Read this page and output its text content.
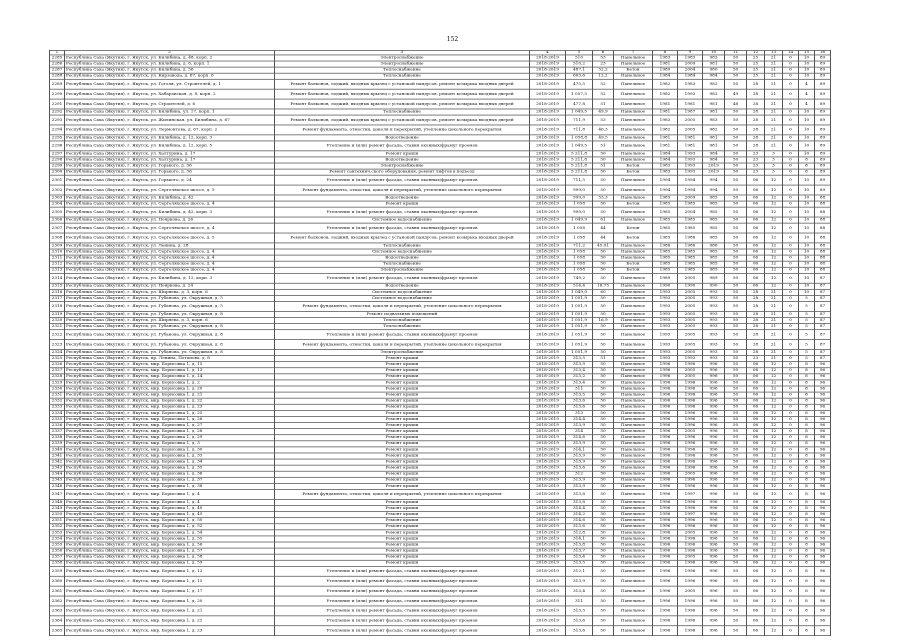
152
1	2	3	4	5	6	7	8	9	10	11	12	13	14	15	16
2285	Республика Саха (Якутия), г. Якутск, ул. Билибина, д. 48, корп. 2	Электроснабжение	2018-2019	510	53	Панельное	1983	1983	983	50	25	21	0	10	89
2286	Республика Саха (Якутия), г. Якутск, ул. Билибина, д. 6, корп. 1	Электроснабжение	2018-2019	510,2	23	Панельное	1981	2009	981	50	25	21	0	10	89
2287	Республика Саха (Якутия), г. Якутск, ул. Билибина, д. 56	Теплоснабжение	2018-2019	487,1	52,2	Бетон	1980	2004	980	50	25	21	0	10	89
2288	Республика Саха (Якутия), г. Якутск, ул. Кирзавода, д. 67, корп. 6	Теплоснабжение	2018-2019	603,6	12,2	Панельное	1984	1984	984	50	25	21	0	10	89
2289	Республика Саха (Якутия), г. Якутск, ул. Гоголя, ул. Строителей, д. 1	Ремонт балконов, лоджий, входных крылец с устанокой пандусов, ремонт козырька входных дверей	2018-2019	475,5	52	Панельное	1982	1983	982	50	28	21	0	4	89
2290	Республика Саха (Якутия), г. Якутск, ул. Хабаровская, д. 8, корп. 2	Ремонт балконов, лоджий, входных крылец с устанокой пандусов, ремонт козырька входных дверей	2018-2019	1 057,5	52	Панельное	1982	1993	982	49	28	21	0	4	89
2291	Республика Саха (Якутия), г. Якутск, ул. Строителей, д. 6	Ремонт балконов, лоджий, входных крылец с устанокой пандусов, ремонт козырька входных дверей	2018-2019	477,8	51	Панельное	1981	1981	981	48	28	21	0	4	89
2292	Республика Саха (Якутия), г. Якутск, ул. Билибина, ул. 17, корп. 1	Теплоснабжение	2018-2019	1 049,5	49,9	Панельное	1981	1987	981	50	28	21	0	10	89
2293	Республика Саха (Якутия), г. Якутск, ул. Жилинская, ул. Билибина, д. 67	Ремонт балконов, лоджий, входных крылец с устанокой пандусов, ремонт козырька входных дверей	2018-2019	711,9	53	Панельное	1983	2005	983	50	28	21	0	10	89
2294	Республика Саха (Якутия), г. Якутск, ул. Лермонтова, д. 67, корп. 2	Ремонт фундамента, отмостки, цоколя и перекрытий, утепление цокольного перекрытия	2018-2019	711,8	46,3	Панельное	1982	2005	982	50	28	21	0	10	89
2295	Республика Саха (Якутия), г. Якутск, ул. Билибина, д. 12, корп. 3	Водоотведение	2018-2019	1 058,8	49,5	Панельное	1981	1981	981	50	28	21	0	10	89
2296	Республика Саха (Якутия), г. Якутск, ул. Билибина, д. 12, корп. 5	Утепление и (или) ремонт фасада, ставни оконных/фрамуг проемов	2018-2019	1 049,5	51	Панельное	1981	1981	981	50	28	21	0	10	89
2297	Республика Саха (Якутия), г. Якутск, ул. Халтурина, д. 17	Ремонт крыши	2018-2019	5 211,8	50	Панельное	1984	1993	984	50	23	3	0	10	89
2298	Республика Саха (Якутия), г. Якутск, ул. Халтурина, д. 17	Водоотведение	2018-2019	5 211,8	50	Панельное	1984	1993	984	50	23	3	0	8	89
2299	Республика Саха (Якутия), г. Якутск, ул. Горького, д. 36	Электроснабжение	2018-2019	5 211,8	51	Бетон	1983	1993	2019	50	23	3	0	8	89
2300	Республика Саха (Якутия), г. Якутск, ул. Горького, д. 36	Ремонт сантехнич.ского оборудования, ремонт лифтов в подъезд	2018-2019	5 211,8	50	Бетон	1983	1993	2019	50	23	3	0	8	89
2301	Республика Саха (Якутия), г. Якутск, ул. Горького, д. 24	Утепление и (или) ремонт фасада, ставни оконных/фрамуг проемов	2018-2019	711,5	50	Панельное	1994	1994	994	50	06	12	0	10	89
2302	Республика Саха (Якутия), г. Якутск, ул. Сергеляхское шоссе, д. 5	Ремонт фундамента, отмостки, цоколя и перекрытий, утепление цокольного перекрытия	2018-2019	999,0	50	Панельное	1994	1994	994	50	06	12	0	10	89
2303	Республика Саха (Якутия), г. Якутск, ул. Билибина, д. 42	Водоотведение	2018-2019	999,0	53,3	Панельное	1985	2009	985	50	06	12	0	10	88
2304	Республика Саха (Якутия), г. Якутск, ул. Сергеляхское шоссе, д. 4	Ремонт крыши	2018-2019	1 058	50	Бетон	1985	1985	985	50	06	12	0	10	88
2305	Республика Саха (Якутия), г. Якутск, ул. Билибина, д. 42, корп. 3	Утепление и (или) ремонт фасада, ставни оконных/фрамуг проемов	2018-2019	999,0	50	Панельное	1985	2004	985	50	06	12	0	10	88
2306	Республика Саха (Якутия), г. Якутск, ул. Пояркова, д. 26	Системное водоснабжение	2018-2019	1 049,9	61	Панельное	1985	1985	985	50	06	12	0	10	88
2307	Республика Саха (Якутия), г. Якутск, ул. Сергеляхское шоссе, д. 4	Утепление и (или) ремонт фасада, ставни оконных/фрамуг проемов	2018-2019	1 058	44	Бетон	1985	1985	985	50	06	12	0	10	88
2308	Республика Саха (Якутия), г. Якутск, ул. Сергеляхское шоссе, д. 5	Ремонт балконов, лоджий, входных крылец с устанокой пандусов, ремонт козырька входных дверей	2018-2019	1 058	44	Бетон	1985	1986	985	50	06	12	0	10	88
2309	Республика Саха (Якутия), г. Якутск, ул. Ленина, д. 28	Теплоснабжение	2018-2019	711,2	45,01	Панельное	1986	1986	986	50	06	12	0	10	88
2310	Республика Саха (Якутия), г. Якутск, ул. Сергеляхское шоссе, д. 4	Системное водоснабжение	2018-2019	1 058	50	Панельное	1985	1985	985	50	06	12	0	10	88
2311	Республика Саха (Якутия), г. Якутск, ул. Сергеляхское шоссе, д. 4	Водоотведение	2018-2019	1 058	50	Панельное	1985	1985	985	50	06	12	0	10	88
2312	Республика Саха (Якутия), г. Якутск, ул. Сергеляхское шоссе, д. 4	Теплоснабжение	2018-2019	1 058	50	Бетон	1985	1985	985	50	06	12	0	10	88
2313	Республика Саха (Якутия), г. Якутск, ул. Сергеляхское шоссе, д. 4	Электроснабжение	2018-2019	1 058	50	Бетон	1985	1985	985	50	06	12	0	10	88
2314	Республика Саха (Якутия), г. Якутск, ул. Билибина, д. 12, корп. 3	Утепление и (или) ремонт фасада, ставни оконных/фрамуг проемов	2018-2019	749,2	50	Панельное	1989	2005	989	50	06	12	0	10	87
2315	Республика Саха (Якутия), г. Якутск, ул. Пояркова, д. 24	Водоотведение	2018-2019	514,4	16,75	Панельное	1990	1990	990	50	06	12	0	10	87
2316	Республика Саха (Якутия), г. Якутск, ул. Ширяева, д. 3, корп. 6	Системное водоснабжение	2018-2019	1 049,0	60	Панельное	1993	2005	993	50	28	21	0	10	87
2317	Республика Саха (Якутия), г. Якутск, ул. Губанова, ул. Окружная, д. 5	Системное водоснабжение	2018-2019	1 051,9	50	Панельное	1993	2005	993	50	28	21	0	5	87
2318	Республика Саха (Якутия), г. Якутск, ул. Губанова, ул. Окружная, д. 5	Ремонт фундамента, отмостки, цоколя и перекрытий, утепление цокольного перекрытия	2018-2019	1 051,9	50	Панельное	1993	2005	993	50	28	21	0	5	87
2319	Республика Саха (Якутия), г. Якутск, ул. Губанова, ул. Окружная, д. 8	Ремонт подвальных помещений	2018-2019	1 051,9	50	Панельное	1993	2005	993	50	28	21	0	5	87
2320	Республика Саха (Якутия), г. Якутск, ул. Ширяева, д. 3, корп. 6	Теплоснабжение	2018-2019	1 051,9	16,9	Панельное	1993	2005	993	50	28	21	0	5	87
2321	Республика Саха (Якутия), г. Якутск, ул. Губанова, ул. Окружная, д. 8	Теплоснабжение	2018-2019	1 051,9	50	Панельное	1993	2005	993	50	28	21	0	5	87
2322	Республика Саха (Якутия), г. Якутск, ул. Губанова, ул. Окружная, д. 8	Утепление и (или) ремонт фасада, ставни оконных/фрамуг проемов	2018-2019	1 051,9	50	Панельное	1993	2005	993	50	28	21	0	5	87
2323	Республика Саха (Якутия), г. Якутск, ул. Губанова, ул. Окружная, д. 8	Ремонт фундамента, отмостки, цоколя и перекрытий, утепление цокольного перекрытия	2018-2019	1 051,9	50	Панельное	1993	2005	993	50	28	21	0	5	87
2324	Республика Саха (Якутия), г. Якутск, ул. Губанова, ул. Окружная, д. 8	Электроснабжение	2018-2019	1 051,9	50	Панельное	1993	2005	993	50	28	21	0	5	87
2325	Республика Саха (Якутия), г. Якутск, пр. Ленина, Потапова, д. 6	Ремонт крыши	2018-2019	313,5	51	Панельное	1993	1993	993	50	23	21	0	5	87
2326	Республика Саха (Якутия), г. Якутск, мкр. Борисовка 1, д. 15	Ремонт крыши	2018-2019	313,9	50	Панельное	1996	1996	996	50	06	12	0	8	96
2327	Республика Саха (Якутия), г. Якутск, мкр. Борисовка 1, д. 13	Ремонт крыши	2018-2019	313,4	50	Панельное	1996	2005	996	50	06	12	0	8	96
2328	Республика Саха (Якутия), г. Якутск, мкр. Борисовка 1, д. 14	Ремонт крыши	2018-2019	313,2	50	Панельное	1996	2005	996	50	06	12	0	8	96
2329	Республика Саха (Якутия), г. Якутск, мкр. Борисовка 1, д. 2	Ремонт крыши	2018-2019	313,4	50	Панельное	1996	1996	996	50	06	12	0	8	96
2330	Республика Саха (Якутия), г. Якутск, мкр. Борисовка 1, д. 20	Ремонт крыши	2018-2019	311	50	Панельное	1996	1996	996	50	06	12	0	8	96
2331	Республика Саха (Якутия), г. Якутск, мкр. Борисовка 1, д. 21	Ремонт крыши	2018-2019	313,5	50	Панельное	1996	1996	996	50	06	12	0	8	96
2332	Республика Саха (Якутия), г. Якутск, мкр. Борисовка 1, д. 22	Ремонт крыши	2018-2019	313,6	50	Панельное	1996	1996	996	50	06	12	0	8	96
2333	Республика Саха (Якутия), г. Якутск, мкр. Борисовка 1, д. 23	Ремонт крыши	2018-2019	313,6	50	Панельное	1996	1996	996	50	06	12	0	8	96
2334	Республика Саха (Якутия), г. Якутск, мкр. Борисовка 1, д. 25	Ремонт крыши	2018-2019	313	50	Панельное	1996	1996	996	50	06	12	0	8	96
2335	Республика Саха (Якутия), г. Якутск, мкр. Борисовка 1, д. 26	Ремонт крыши	2018-2019	314,4	50	Панельное	1996	1996	996	50	06	12	0	8	96
2336	Республика Саха (Якутия), г. Якутск, мкр. Борисовка 1, д. 27	Ремонт крыши	2018-2019	313,9	50	Панельное	1996	1996	996	50	06	12	0	8	96
2337	Республика Саха (Якутия), г. Якутск, мкр. Борисовка 1, д. 28	Ремонт крыши	2018-2019	314	50	Панельное	1996	2005	996	50	06	12	0	8	96
2338	Республика Саха (Якутия), г. Якутск, мкр. Борисовка 1, д. 29	Ремонт крыши	2018-2019	314,6	50	Панельное	1996	1996	996	50	06	12	0	8	96
2339	Республика Саха (Якутия), г. Якутск, мкр. Борисовка 1, д. 3	Ремонт крыши	2018-2019	313,9	50	Панельное	1996	1996	996	50	06	12	0	8	96
2340	Республика Саха (Якутия), г. Якутск, мкр. Борисовка 1, д. 30	Ремонт крыши	2018-2019	314,1	50	Панельное	1996	1996	996	50	06	12	0	8	96
2341	Республика Саха (Якутия), г. Якутск, мкр. Борисовка 1, д. 33	Ремонт крыши	2018-2019	313,9	50	Панельное	1996	1996	996	50	06	12	0	8	96
2342	Республика Саха (Якутия), г. Якутск, мкр. Борисовка 1, д. 34	Ремонт крыши	2018-2019	313,9	50	Панельное	1996	1996	996	50	06	12	0	8	96
2343	Республика Саха (Якутия), г. Якутск, мкр. Борисовка 1, д. 35	Ремонт крыши	2018-2019	313,6	50	Панельное	1996	1996	996	50	06	12	0	8	96
2344	Республика Саха (Якутия), г. Якутск, мкр. Борисовка 1, д. 36	Ремонт крыши	2018-2019	312	50	Панельное	1996	2005	996	50	06	12	0	8	96
2345	Республика Саха (Якутия), г. Якутск, мкр. Борисовка 1, д. 37	Ремонт крыши	2018-2019	313,9	50	Панельное	1996	1996	996	50	06	12	0	8	96
2346	Республика Саха (Якутия), г. Якутск, мкр. Борисовка 1, д. 38	Ремонт крыши	2018-2019	313,9	50	Панельное	1996	1996	996	50	06	12	0	8	96
2347	Республика Саха (Якутия), г. Якутск, мкр. Борисовка 1, д. 4	Ремонт фундамента, отмостки, цоколя и перекрытий, утепление цокольного перекрытия	2018-2019	313,8	50	Панельное	1996	1997	996	50	06	12	0	8	96
2348	Республика Саха (Якутия), г. Якутск, мкр. Борисовка 1, д. 4	Ремонт крыши	2018-2019	313,8	50	Панельное	1996	1996	996	50	06	12	0	8	96
2349	Республика Саха (Якутия), г. Якутск, мкр. Борисовка 1, д. 40	Ремонт крыши	2018-2019	314,4	50	Панельное	1996	1996	996	50	06	12	0	8	96
2350	Республика Саха (Якутия), г. Якутск, мкр. Борисовка 1, д. 45	Ремонт крыши	2018-2019	314,2	50	Панельное	1996	1997	996	50	06	12	0	8	96
2351	Республика Саха (Якутия), г. Якутск, мкр. Борисовка 1, д. 50	Ремонт крыши	2018-2019	314,6	50	Панельное	1996	1996	996	50	06	12	0	8	96
2352	Республика Саха (Якутия), г. Якутск, мкр. Борисовка 1, д. 52	Ремонт крыши	2018-2019	313,6	50	Панельное	1996	1996	996	50	06	12	0	8	96
2353	Республика Саха (Якутия), г. Якутск, мкр. Борисовка 1, д. 54	Ремонт крыши	2018-2019	312,8	50	Панельное	1996	2005	996	50	06	12	0	8	96
2354	Республика Саха (Якутия), г. Якутск, мкр. Борисовка 1, д. 55	Ремонт крыши	2018-2019	314,1	50	Панельное	1996	1996	996	50	06	12	0	8	96
2355	Республика Саха (Якутия), г. Якутск, мкр. Борисовка 1, д. 56	Ремонт крыши	2018-2019	313,8	50	Панельное	1996	1996	996	50	06	12	0	8	96
2356	Республика Саха (Якутия), г. Якутск, мкр. Борисовка 1, д. 57	Ремонт крыши	2018-2019	313,7	50	Панельное	1996	1996	996	50	06	12	0	8	96
2357	Республика Саха (Якутия), г. Якутск, мкр. Борисовка 1, д. 58	Ремонт крыши	2018-2019	313,4	50	Панельное	1996	2005	996	50	06	12	0	8	96
2358	Республика Саха (Якутия), г. Якутск, мкр. Борисовка 1, д. 59	Ремонт крыши	2018-2019	313,5	50	Панельное	1996	1996	996	50	06	12	0	8	96
2359	Республика Саха (Якутия), г. Якутск, мкр. Борисовка 1, д. 12	Утепление и (или) ремонт фасада, ставни оконных/фрамуг проемов	2018-2019	312,1	50	Панельное	1996	1996	996	50	06	12	0	8	96
2360	Республика Саха (Якутия), г. Якутск, мкр. Борисовка 1, д. 15	Утепление и (или) ремонт фасада, ставни оконных/фрамуг проемов	2018-2019	313,9	50	Панельное	1996	1996	996	50	06	12	0	8	96
2361	Республика Саха (Якутия), г. Якутск, мкр. Борисовка 1, д. 17	Утепление и (или) ремонт фасада, ставни оконных/фрамуг проемов	2018-2019	313,4	50	Панельное	1996	2005	996	50	06	12	0	8	96
2362	Республика Саха (Якутия), г. Якутск, мкр. Борисовка 1, д. 20	Утепление и (или) ремонт фасада, ставни оконных/фрамуг проемов	2018-2019	311	50	Панельное	1996	1996	996	50	06	12	0	8	96
2363	Республика Саха (Якутия), г. Якутск, мкр. Борисовка 1, д. 21	Утепление и (или) ремонт фасада, ставни оконных/фрамуг проемов	2018-2019	313,5	50	Панельное	1996	1996	996	50	06	12	0	8	96
2364	Республика Саха (Якутия), г. Якутск, мкр. Борисовка 1, д. 22	Утепление и (или) ремонт фасада, ставни оконных/фрамуг проемов	2018-2019	313,6	50	Панельное	1996	1996	996	50	06	12	0	8	96
2365	Республика Саха (Якутия), г. Якутск, мкр. Борисовка 1, д. 23	Утепление и (или) ремонт фасада, ставни оконных/фрамуг проемов	2018-2019	313,6	50	Панельное	1996	1996	996	50	06	12	0	8	96
